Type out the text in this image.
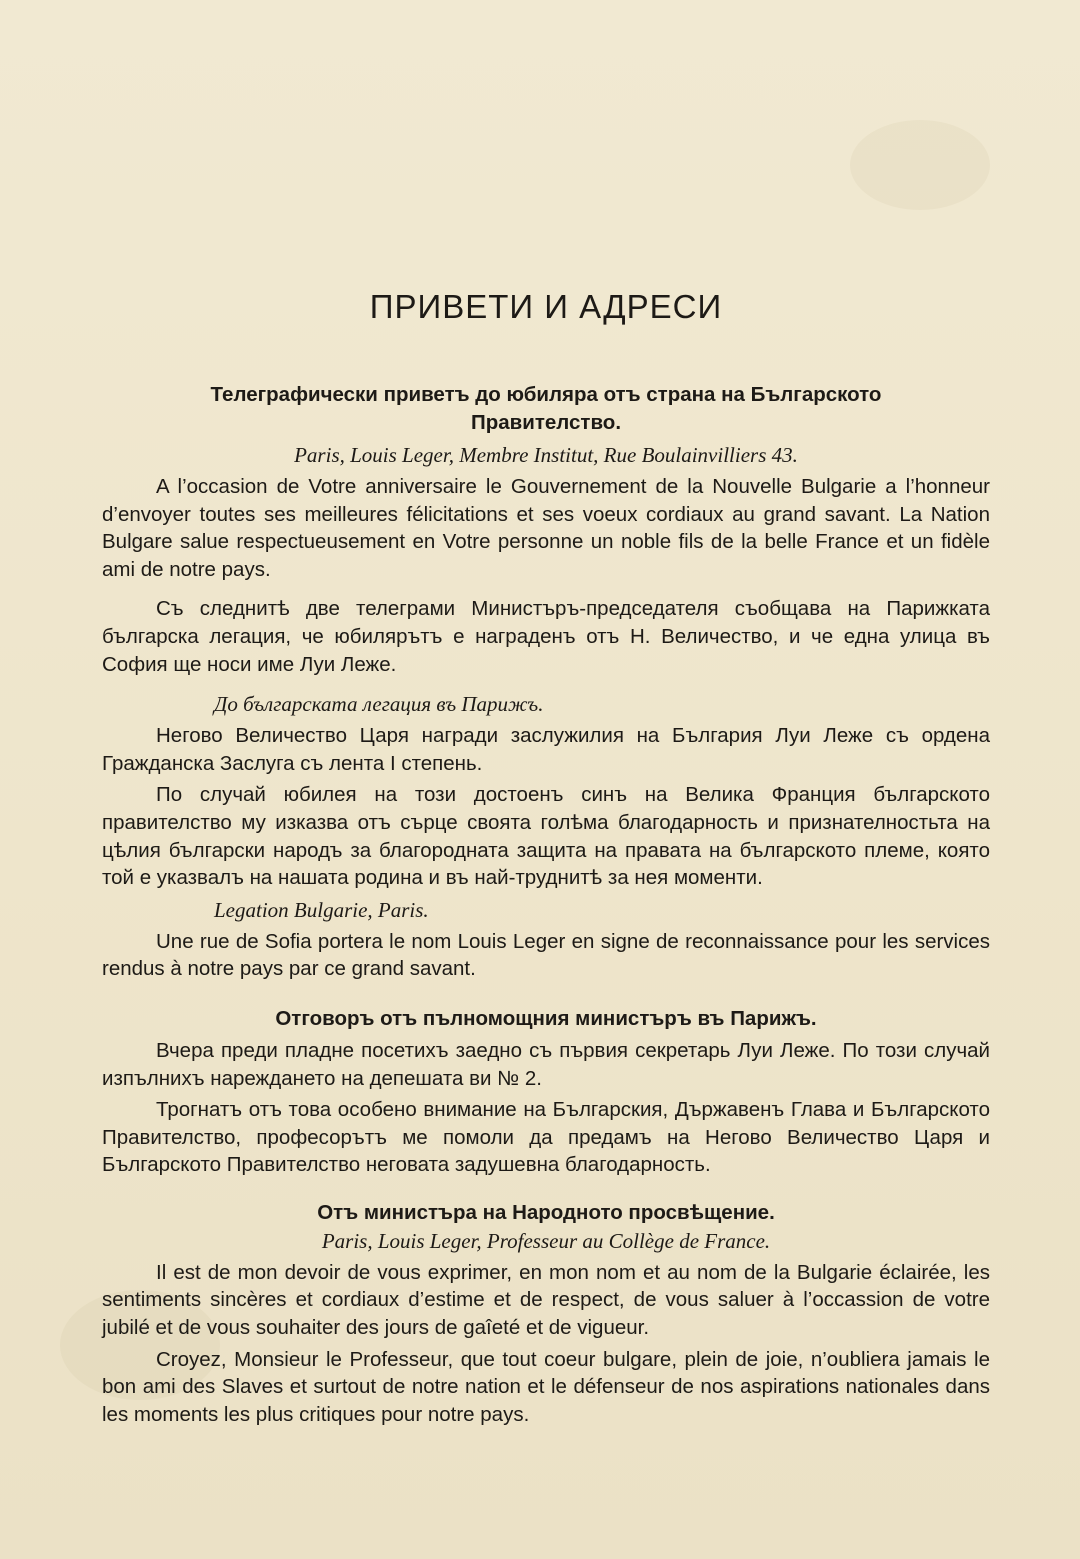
ПРИВЕТИ И АДРЕСИ
Телеграфически приветъ до юбиляра отъ страна на Българското Правителство.
Paris, Louis Leger, Membre Institut, Rue Boulainvilliers 43.

A l’occasion de Votre anniversaire le Gouvernement de la Nouvelle Bulgarie a l’honneur d’envoyer toutes ses meilleures félicitations et ses voeux cordiaux au grand savant. La Nation Bulgare salue respectueusement en Votre personne un noble fils de la belle France et un fidèle ami de notre pays.

Съ следнитѣ две телеграми Министъръ-председателя съобщава на Парижката българска легация, че юбилярътъ е награденъ отъ Н. Величество, и че една улица въ София ще носи име Луи Леже.

До българската легация въ Парижъ.

Негово Величество Царя награди заслужилия на България Луи Леже съ ордена Гражданска Заслуга съ лента I степень.

По случай юбилея на този достоенъ синъ на Велика Франция българското правителство му изказва отъ сърце своята голѣма благодарность и признателностьта на цѣлия български народъ за благородната защита на правата на българското племе, която той е указвалъ на нашата родина и въ най-труднитѣ за нея моменти.

Legation Bulgarie, Paris.

Une rue de Sofia portera le nom Louis Leger en signe de reconnaissance pour les services rendus à notre pays par ce grand savant.

Отговоръ отъ пълномощния министъръ въ Парижъ.

Вчера преди пладне посетихъ заедно съ първия секретарь Луи Леже. По този случай изпълнихъ нарежданетo на депешата ви № 2.

Трогнатъ отъ това особено внимание на Българския, Държавенъ Глава и Българското Правителство, професорътъ ме помоли да предамъ на Негово Величество Царя и Българското Правителство неговата задушевна благодарность.

Отъ министъра на Народното просвѣщение.
Paris, Louis Leger, Professeur au Collège de France.

Il est de mon devoir de vous exprimer, en mon nom et au nom de la Bulgarie éclairée, les sentiments sincères et cordiaux d’estime et de respect, de vous saluer à l’occassion de votre jubilé et de vous souhaiter des jours de gaîeté et de vigueur.

Croyez, Monsieur le Professeur, que tout coeur bulgare, plein de joie, n’oubliera jamais le bon ami des Slaves et surtout de notre nation et le défenseur de nos aspirations nationales dans les moments les plus critiques pour notre pays.
